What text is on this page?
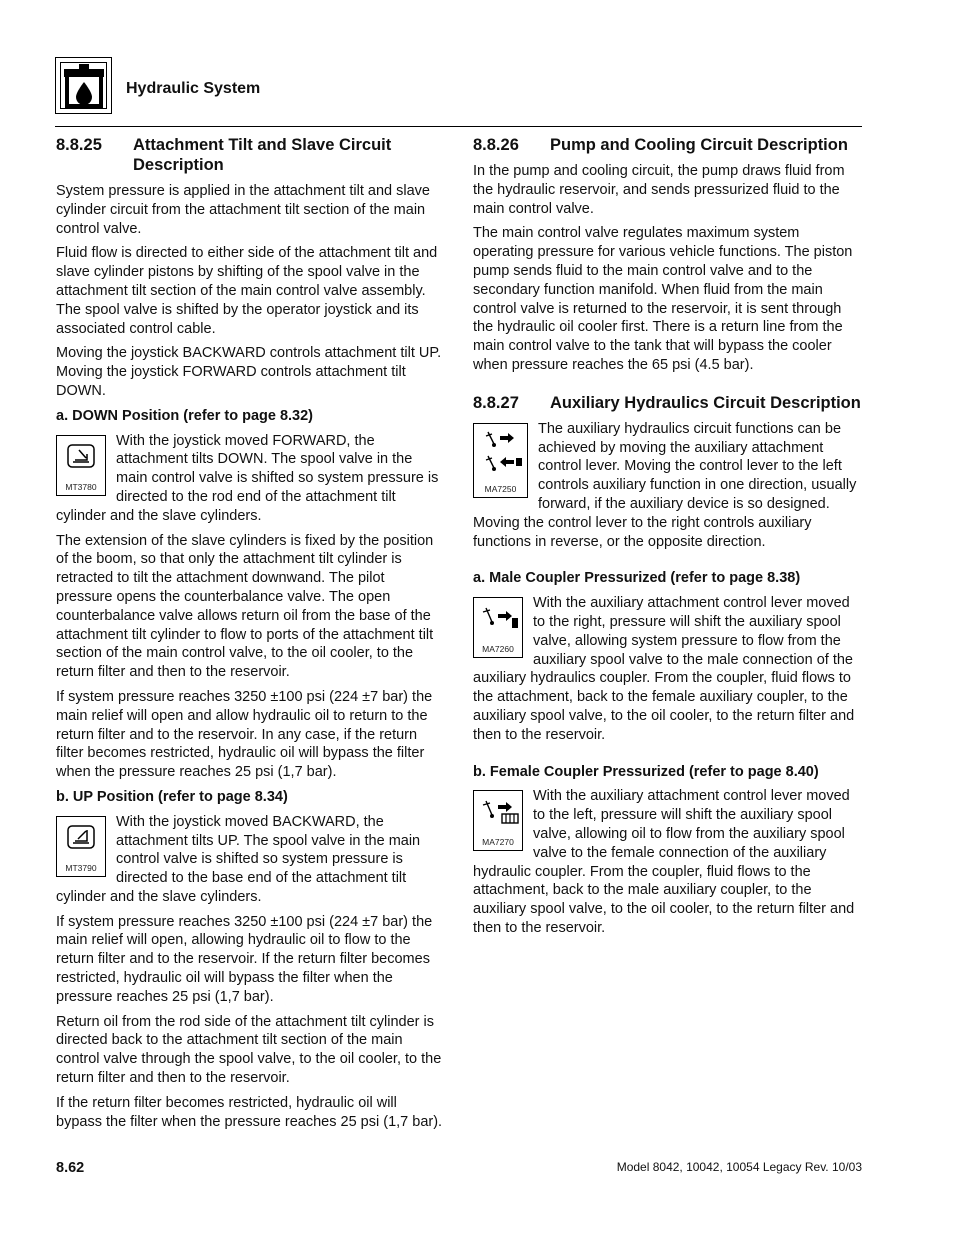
Hydraulic System
8.8.25	Attachment Tilt and Slave Circuit Description

System pressure is applied in the attachment tilt and slave cylinder circuit from the attachment tilt section of the main control valve.

Fluid flow is directed to either side of the attachment tilt and slave cylinder pistons by shifting of the spool valve in the attachment tilt section of the main control valve assembly. The spool valve is shifted by the operator joystick and its associated control cable.

Moving the joystick BACKWARD controls attachment tilt UP. Moving the joystick FORWARD controls attachment tilt DOWN.

a. DOWN Position (refer to page 8.32)
MT3780

With the joystick moved FORWARD, the attachment tilts DOWN. The spool valve in the main control valve is shifted so system pressure is directed to the rod end of the attachment tilt cylinder and the slave cylinders.

The extension of the slave cylinders is fixed by the position of the boom, so that only the attachment tilt cylinder is retracted to tilt the attachment downwand. The pilot pressure opens the counterbalance valve. The open counterbalance valve allows return oil from the base of the attachment tilt cylinder to flow to ports of the attachment tilt section of the main control valve, to the oil cooler, to the return filter and then to the reservoir.

If system pressure reaches 3250 ±100 psi (224 ±7 bar) the main relief will open and allow hydraulic oil to return to the return filter and to the reservoir. In any case, if the return filter becomes restricted, hydraulic oil will bypass the filter when the pressure reaches 25 psi (1,7 bar).

b. UP Position (refer to page 8.34)
MT3790

With the joystick moved BACKWARD, the attachment tilts UP. The spool valve in the main control valve is shifted so system pressure is directed to the base end of the attachment tilt cylinder and the slave cylinders.

If system pressure reaches 3250 ±100 psi (224 ±7 bar) the main relief will open, allowing hydraulic oil to flow to the return filter and to the reservoir. If the return filter becomes restricted, hydraulic oil will bypass the filter when the pressure reaches 25 psi (1,7 bar).

Return oil from the rod side of the attachment tilt cylinder is directed back to the attachment tilt section of the main control valve through the spool valve, to the oil cooler, to the return filter and then to the reservoir.

If the return filter becomes restricted, hydraulic oil will bypass the filter when the pressure reaches 25 psi (1,7 bar).

8.8.26	Pump and Cooling Circuit Description

In the pump and cooling circuit, the pump draws fluid from the hydraulic reservoir, and sends pressurized fluid to the main control valve.

The main control valve regulates maximum system operating pressure for various vehicle functions. The piston pump sends fluid to the main control valve and to the secondary function manifold. When fluid from the main control valve is returned to the reservoir, it is sent through the hydraulic oil cooler first. There is a return line from the main control valve to the tank that will bypass the cooler when pressure reaches the 65 psi (4.5 bar).

8.8.27	Auxiliary Hydraulics Circuit Description
MA7250

The auxiliary hydraulics circuit functions can be achieved by moving the auxiliary attachment control lever. Moving the control lever to the left controls auxiliary function in one direction, usually forward, if the auxiliary device is so designed. Moving the control lever to the right controls auxiliary functions in reverse, or the opposite direction.

a. Male Coupler Pressurized (refer to page 8.38)
MA7260

With the auxiliary attachment control lever moved to the right, pressure will shift the auxiliary spool valve, allowing system pressure to flow from the auxiliary spool valve to the male connection of the auxiliary hydraulics coupler. From the coupler, fluid flows to the attachment, back to the female auxiliary coupler, to the auxiliary spool valve, to the oil cooler, to the return filter and then to the reservoir.

b. Female Coupler Pressurized (refer to page 8.40)
MA7270

With the auxiliary attachment control lever moved to the left, pressure will shift the auxiliary spool valve, allowing oil to flow from the auxiliary spool valve to the female connection of the auxiliary hydraulic coupler. From the coupler, fluid flows to the attachment, back to the male auxiliary coupler, to the auxiliary spool valve, to the oil cooler, to the return filter and then to the reservoir.

8.62	Model 8042, 10042, 10054 Legacy Rev. 10/03
